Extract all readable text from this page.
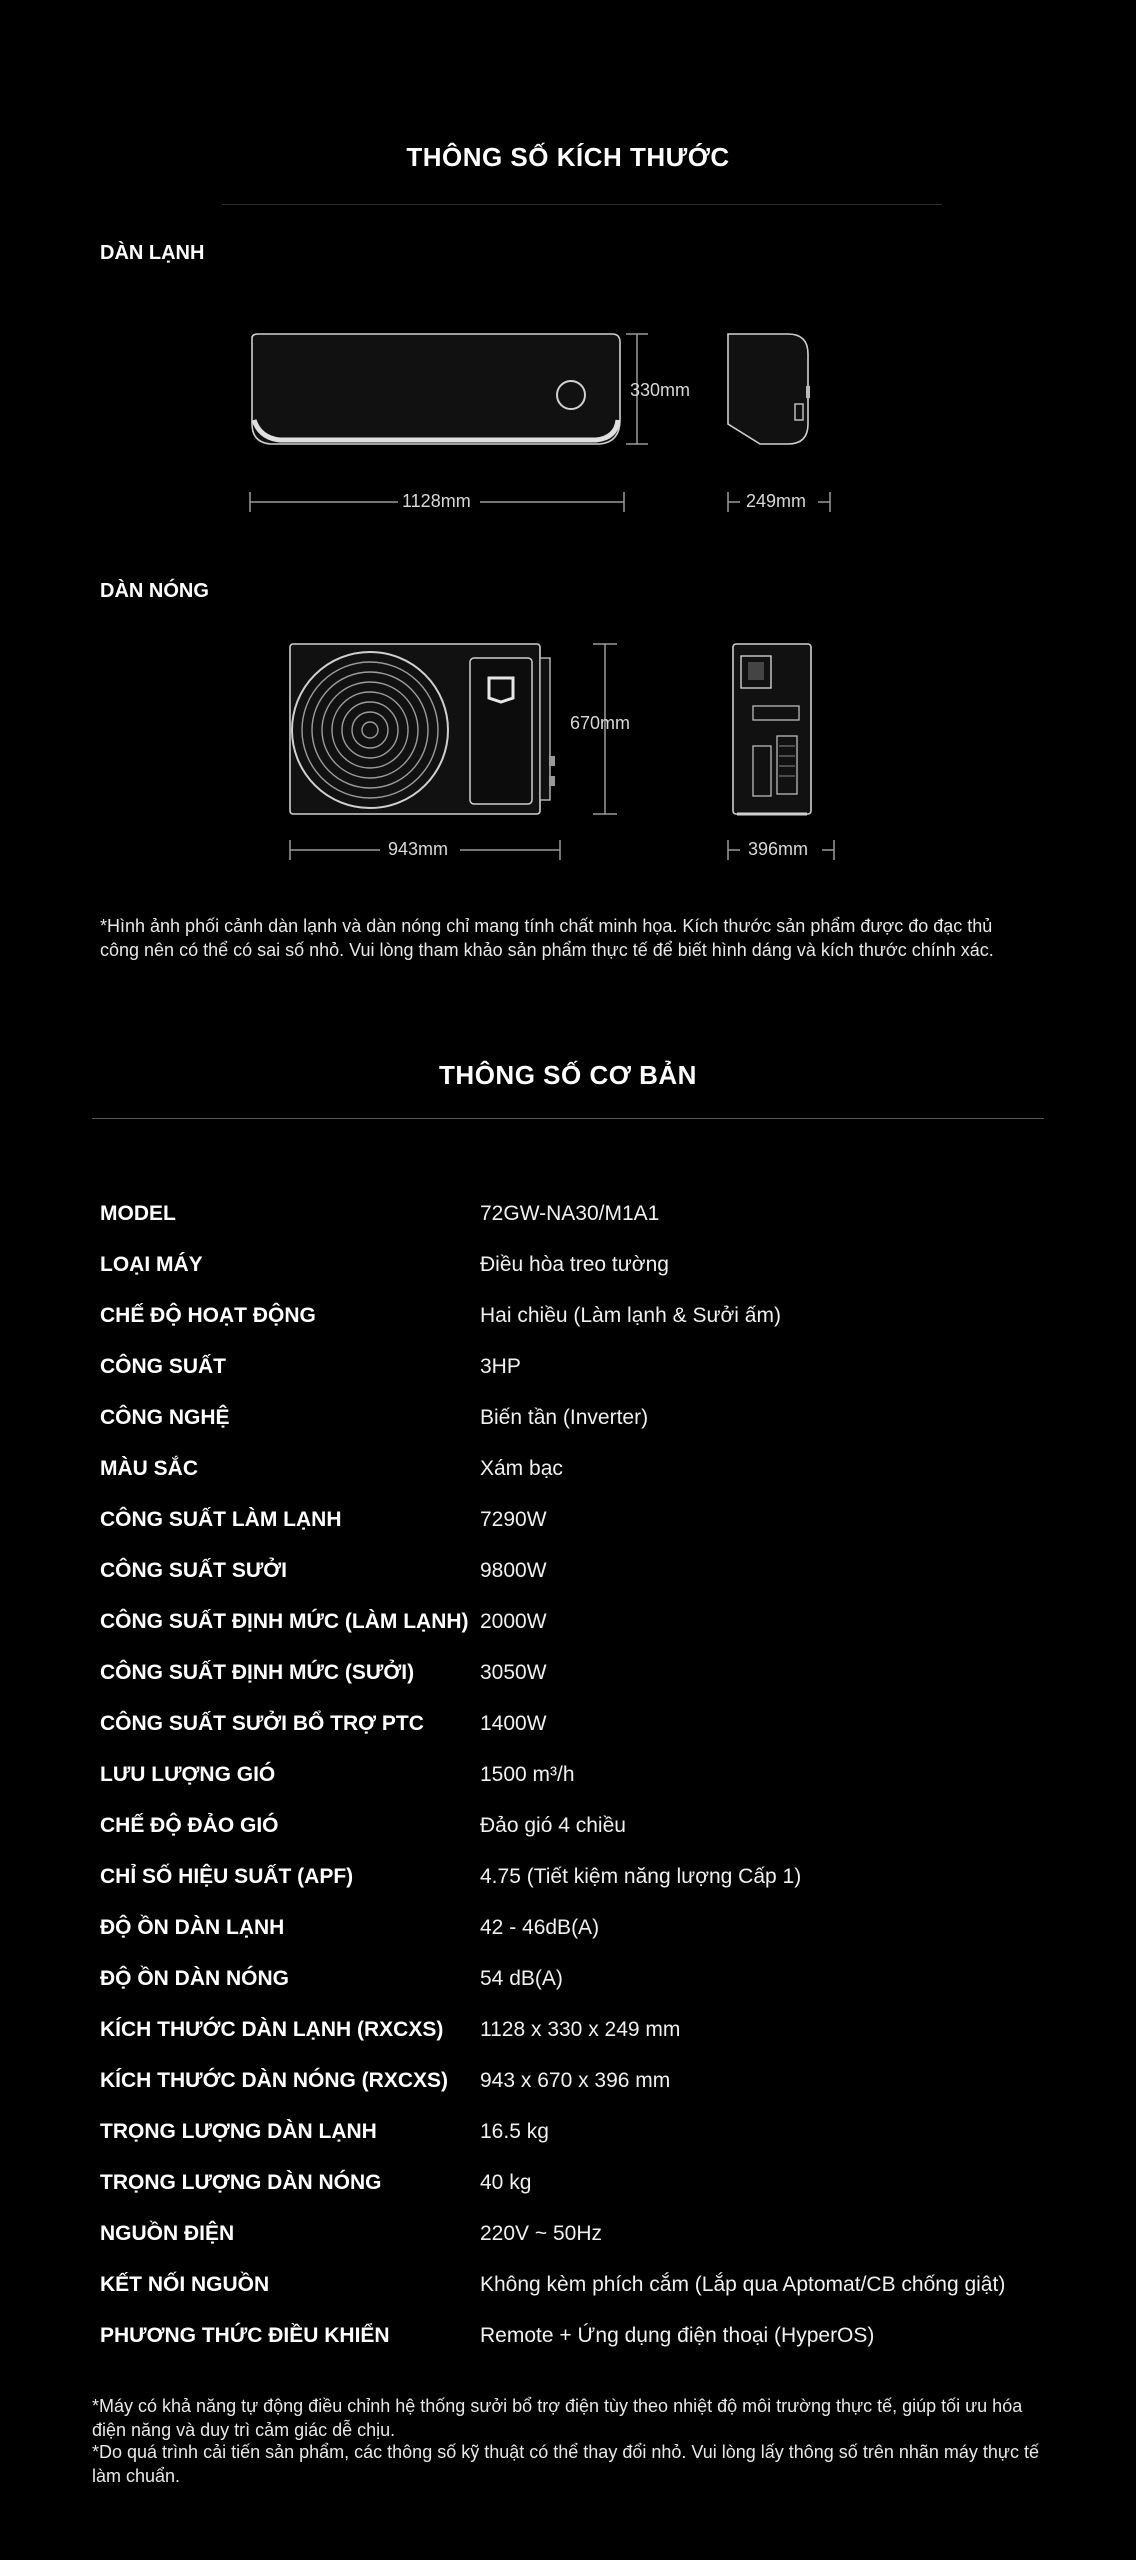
THÔNG SỐ KÍCH THƯỚC
DÀN LẠNH
330mm
1128mm	249mm
DÀN NÓNG
670mm
943mm	396mm
*Hình ảnh phối cảnh dàn lạnh và dàn nóng chỉ mang tính chất minh họa. Kích thước sản phẩm được đo đạc thủ công nên có thể có sai số nhỏ. Vui lòng tham khảo sản phẩm thực tế để biết hình dáng và kích thước chính xác.
THÔNG SỐ CƠ BẢN
MODEL	72GW-NA30/M1A1
LOẠI MÁY	Điều hòa treo tường
CHẾ ĐỘ HOẠT ĐỘNG	Hai chiều (Làm lạnh & Sưởi ấm)
CÔNG SUẤT	3HP
CÔNG NGHỆ	Biến tần (Inverter)
MÀU SẮC	Xám bạc
CÔNG SUẤT LÀM LẠNH	7290W
CÔNG SUẤT SƯỞI	9800W
CÔNG SUẤT ĐỊNH MỨC (LÀM LẠNH) 2000W
CÔNG SUẤT ĐỊNH MỨC (SƯỞI)	3050W
CÔNG SUẤT SƯỞI BỔ TRỢ PTC	1400W
LƯU LƯỢNG GIÓ	1500 m³/h
CHẾ ĐỘ ĐẢO GIÓ	Đảo gió 4 chiều
CHỈ SỐ HIỆU SUẤT (APF)	4.75 (Tiết kiệm năng lượng Cấp 1)
ĐỘ ỒN DÀN LẠNH	42 - 46dB(A)
ĐỘ ỒN DÀN NÓNG	54 dB(A)
KÍCH THƯỚC DÀN LẠNH (RXCXS) 1128 x 330 x 249 mm
KÍCH THƯỚC DÀN NÓNG (RXCXS) 943 x 670 x 396 mm
TRỌNG LƯỢNG DÀN LẠNH	16.5 kg
TRỌNG LƯỢNG DÀN NÓNG	40 kg
NGUỒN ĐIỆN	220V ~ 50Hz
KẾT NỐI NGUỒN	Không kèm phích cắm (Lắp qua Aptomat/CB chống giật)
PHƯƠNG THỨC ĐIỀU KHIỂN	Remote + Ứng dụng điện thoại (HyperOS)
*Máy có khả năng tự động điều chỉnh hệ thống sưởi bổ trợ điện tùy theo nhiệt độ môi trường thực tế, giúp tối ưu hóa điện năng và duy trì cảm giác dễ chịu.
*Do quá trình cải tiến sản phẩm, các thông số kỹ thuật có thể thay đổi nhỏ. Vui lòng lấy thông số trên nhãn máy thực tế làm chuẩn.
